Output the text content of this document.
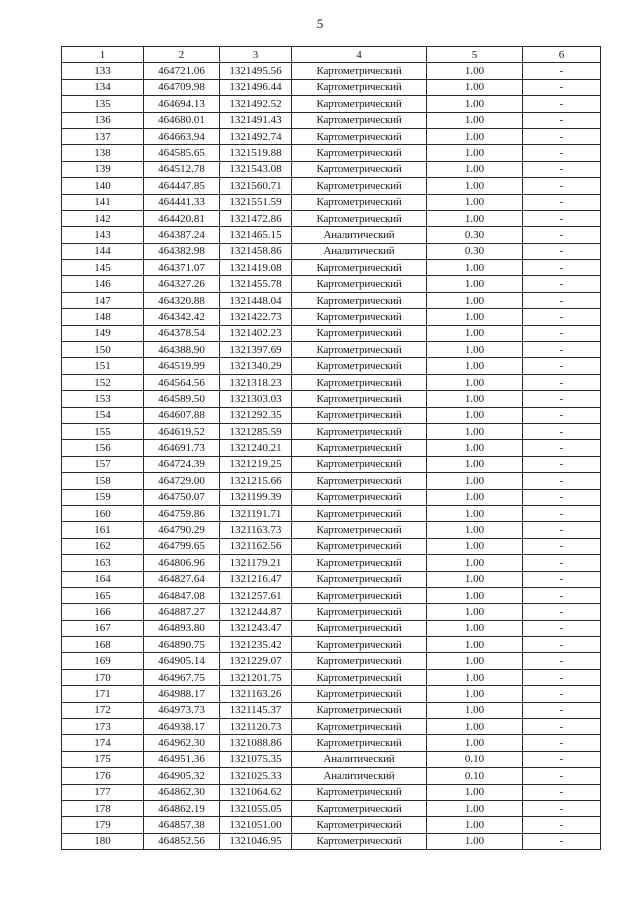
5
1	2	3	4	5	6
133	464721.06	1321495.56	Картометрический	1.00	-
134	464709.98	1321496.44	Картометрический	1.00	-
135	464694.13	1321492.52	Картометрический	1.00	-
136	464680.01	1321491.43	Картометрический	1.00	-
137	464663.94	1321492.74	Картометрический	1.00	-
138	464585.65	1321519.88	Картометрический	1.00	-
139	464512.78	1321543.08	Картометрический	1.00	-
140	464447.85	1321560.71	Картометрический	1.00	-
141	464441.33	1321551.59	Картометрический	1.00	-
142	464420.81	1321472.86	Картометрический	1.00	-
143	464387.24	1321465.15	Аналитический	0.30	-
144	464382.98	1321458.86	Аналитический	0.30	-
145	464371.07	1321419.08	Картометрический	1.00	-
146	464327.26	1321455.78	Картометрический	1.00	-
147	464320.88	1321448.04	Картометрический	1.00	-
148	464342.42	1321422.73	Картометрический	1.00	-
149	464378.54	1321402.23	Картометрический	1.00	-
150	464388.90	1321397.69	Картометрический	1.00	-
151	464519.99	1321340.29	Картометрический	1.00	-
152	464564.56	1321318.23	Картометрический	1.00	-
153	464589.50	1321303.03	Картометрический	1.00	-
154	464607.88	1321292.35	Картометрический	1.00	-
155	464619.52	1321285.59	Картометрический	1.00	-
156	464691.73	1321240.21	Картометрический	1.00	-
157	464724.39	1321219.25	Картометрический	1.00	-
158	464729.00	1321215.66	Картометрический	1.00	-
159	464750.07	1321199.39	Картометрический	1.00	-
160	464759.86	1321191.71	Картометрический	1.00	-
161	464790.29	1321163.73	Картометрический	1.00	-
162	464799.65	1321162.56	Картометрический	1.00	-
163	464806.96	1321179.21	Картометрический	1.00	-
164	464827.64	1321216.47	Картометрический	1.00	-
165	464847.08	1321257.61	Картометрический	1.00	-
166	464887.27	1321244.87	Картометрический	1.00	-
167	464893.80	1321243.47	Картометрический	1.00	-
168	464890.75	1321235.42	Картометрический	1.00	-
169	464905.14	1321229.07	Картометрический	1.00	-
170	464967.75	1321201.75	Картометрический	1.00	-
171	464988.17	1321163.26	Картометрический	1.00	-
172	464973.73	1321145.37	Картометрический	1.00	-
173	464938.17	1321120.73	Картометрический	1.00	-
174	464962.30	1321088.86	Картометрический	1.00	-
175	464951.36	1321075.35	Аналитический	0.10	-
176	464905.32	1321025.33	Аналитический	0.10	-
177	464862.30	1321064.62	Картометрический	1.00	-
178	464862.19	1321055.05	Картометрический	1.00	-
179	464857.38	1321051.00	Картометрический	1.00	-
180	464852.56	1321046.95	Картометрический	1.00	-
